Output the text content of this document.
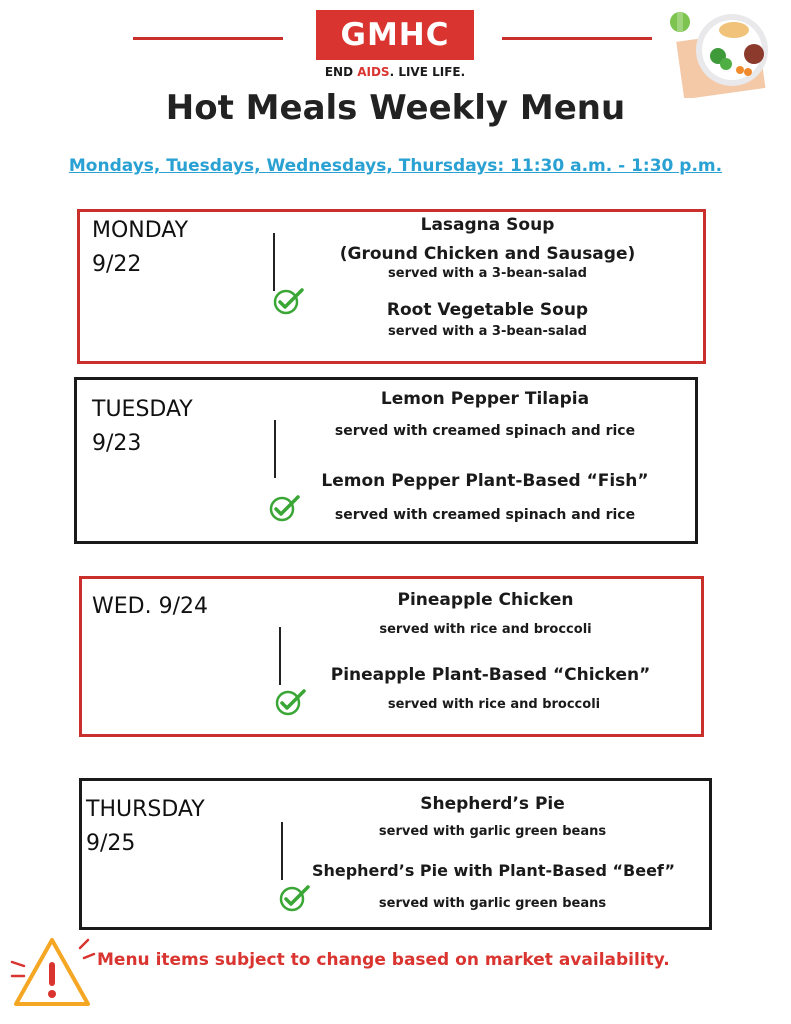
GMHC
END AIDS. LIVE LIFE.
Hot Meals Weekly Menu
Mondays, Tuesdays, Wednesdays, Thursdays: 11:30 a.m. - 1:30 p.m.
MONDAY
9/22
Lasagna Soup
(Ground Chicken and Sausage)
served with a 3-bean-salad
Root Vegetable Soup
served with a 3-bean-salad
TUESDAY
9/23
Lemon Pepper Tilapia
served with creamed spinach and rice
Lemon Pepper Plant-Based “Fish”
served with creamed spinach and rice
WED. 9/24	Pineapple Chicken
served with rice and broccoli
Pineapple Plant-Based “Chicken”
served with rice and broccoli
THURSDAY
9/25
Shepherd’s Pie
served with garlic green beans
Shepherd’s Pie with Plant-Based “Beef”
served with garlic green beans
Menu items subject to change based on market availability.
